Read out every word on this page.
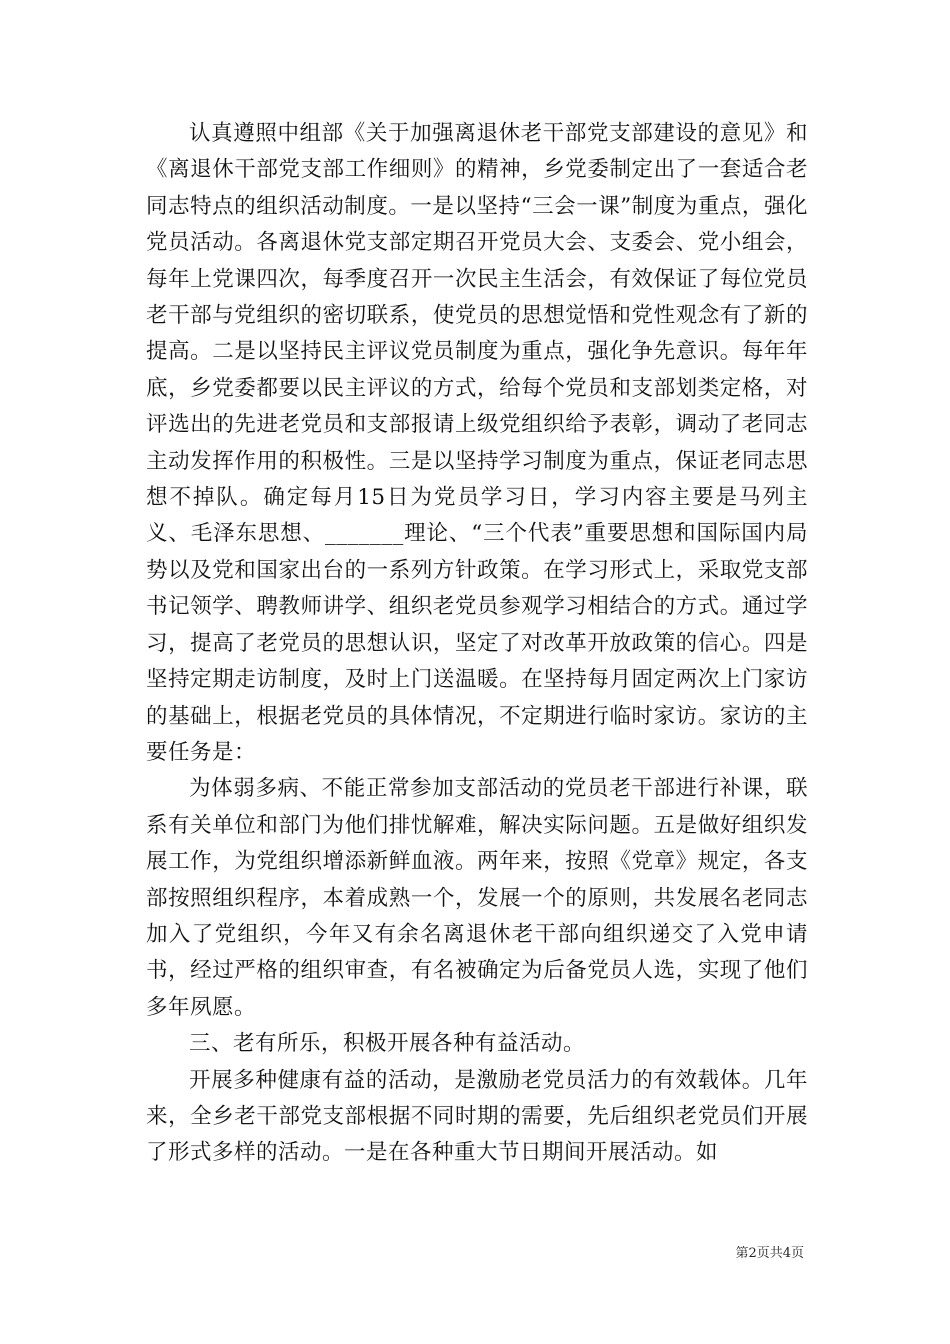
认真遵照中组部《关于加强离退休老干部党支部建设的意见》和《离退休干部党支部工作细则》的精神，乡党委制定出了一套适合老同志特点的组织活动制度。一是以坚持“三会一课”制度为重点，强化党员活动。各离退休党支部定期召开党员大会、支委会、党小组会，每年上党课四次，每季度召开一次民主生活会，有效保证了每位党员老干部与党组织的密切联系，使党员的思想觉悟和党性观念有了新的提高。二是以坚持民主评议党员制度为重点，强化争先意识。每年年底，乡党委都要以民主评议的方式，给每个党员和支部划类定格，对评选出的先进老党员和支部报请上级党组织给予表彰，调动了老同志主动发挥作用的积极性。三是以坚持学习制度为重点，保证老同志思想不掉队。确定每月15日为党员学习日，学习内容主要是马列主义、毛泽东思想、_______理论、“三个代表”重要思想和国际国内局势以及党和国家出台的一系列方针政策。在学习形式上，采取党支部书记领学、聘教师讲学、组织老党员参观学习相结合的方式。通过学习，提高了老党员的思想认识，坚定了对改革开放政策的信心。四是坚持定期走访制度，及时上门送温暖。在坚持每月固定两次上门家访的基础上，根据老党员的具体情况，不定期进行临时家访。家访的主要任务是：

为体弱多病、不能正常参加支部活动的党员老干部进行补课，联系有关单位和部门为他们排忧解难，解决实际问题。五是做好组织发展工作，为党组织增添新鲜血液。两年来，按照《党章》规定，各支部按照组织程序，本着成熟一个，发展一个的原则，共发展名老同志加入了党组织，今年又有余名离退休老干部向组织递交了入党申请书，经过严格的组织审查，有名被确定为后备党员人选，实现了他们多年夙愿。

三、老有所乐，积极开展各种有益活动。

开展多种健康有益的活动，是激励老党员活力的有效载体。几年来，全乡老干部党支部根据不同时期的需要，先后组织老党员们开展了形式多样的活动。一是在各种重大节日期间开展活动。如

第2页共4页
